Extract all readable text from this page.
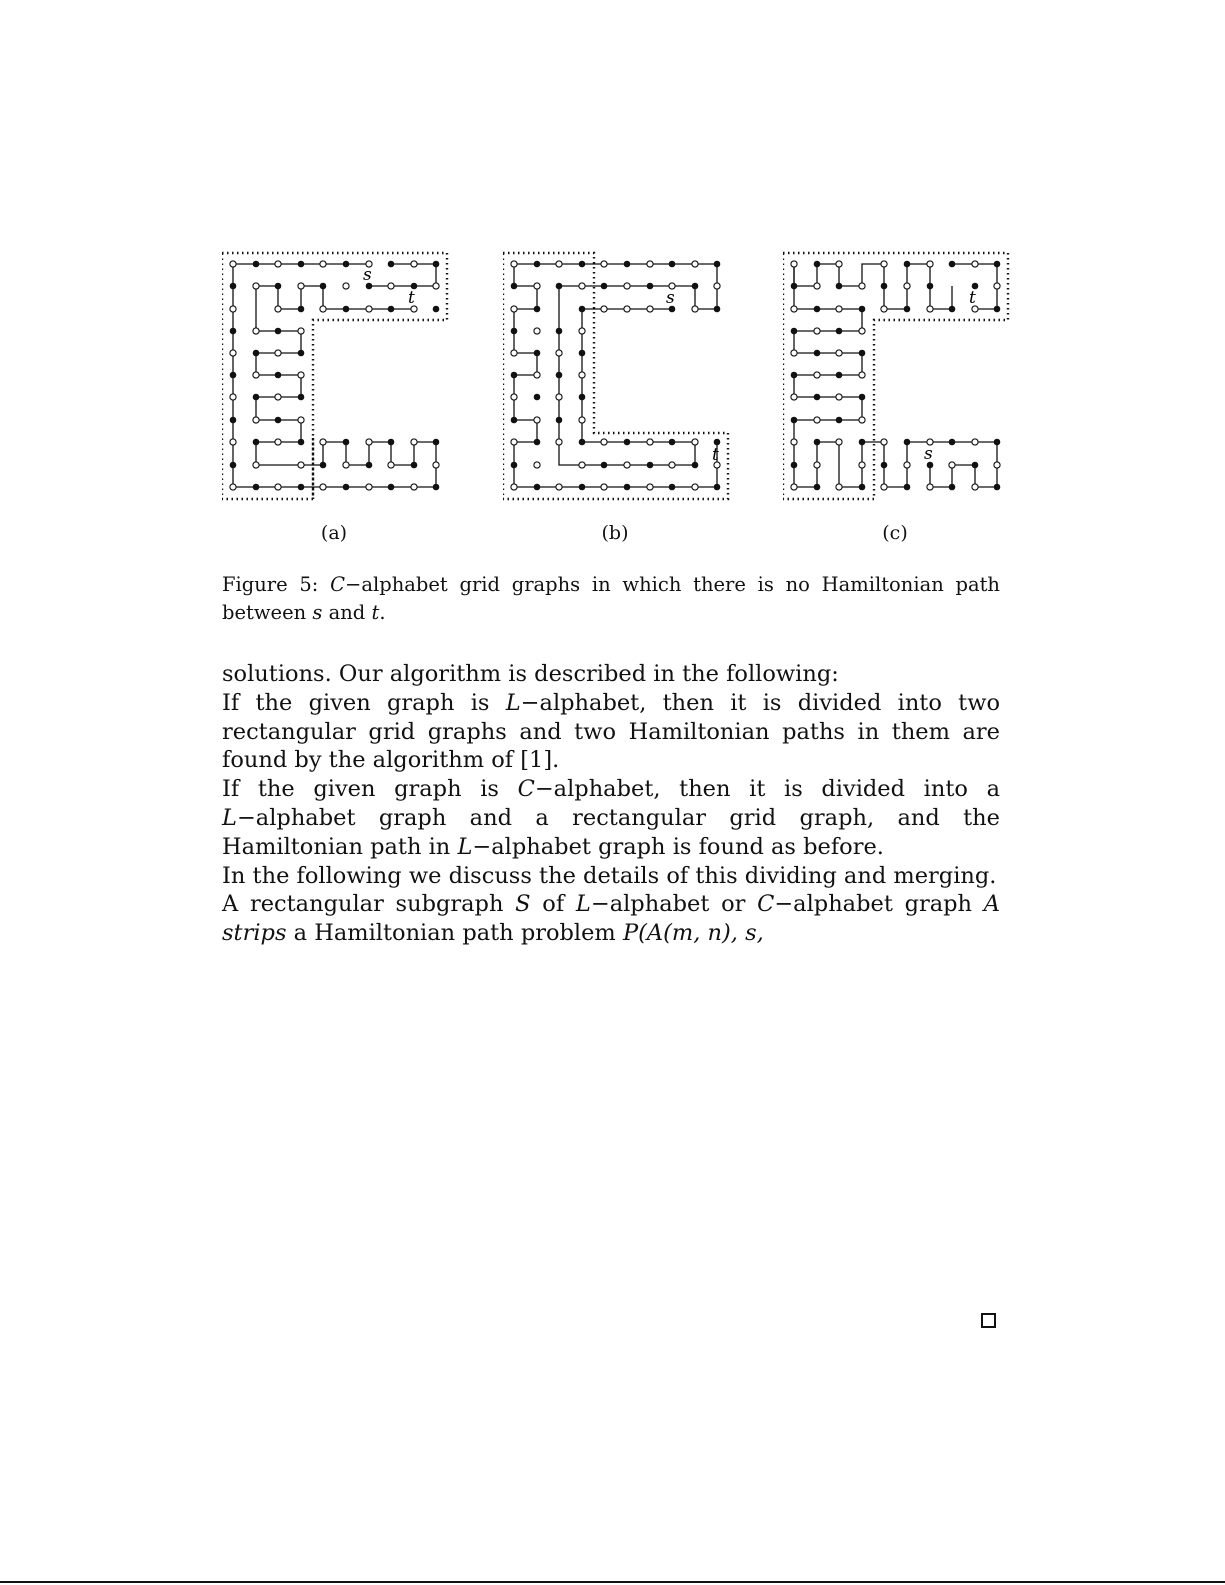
s
t	s
t	s
t
(a)	(b)	(c)
Figure 5: C−alphabet grid graphs in which there is no Hamiltonian path between s and t.

solutions. Our algorithm is described in the following:

If the given graph is L−alphabet, then it is divided into two rectangular grid graphs and two Hamiltonian paths in them are found by the algorithm of [1].

If the given graph is C−alphabet, then it is divided into a L−alphabet graph and a rectangular grid graph, and the Hamiltonian path in L−alphabet graph is found as before.

In the following we discuss the details of this dividing and merging.

A rectangular subgraph S of L−alphabet or C−alphabet graph A strips a Hamiltonian path problem P(A(m, n), s,
